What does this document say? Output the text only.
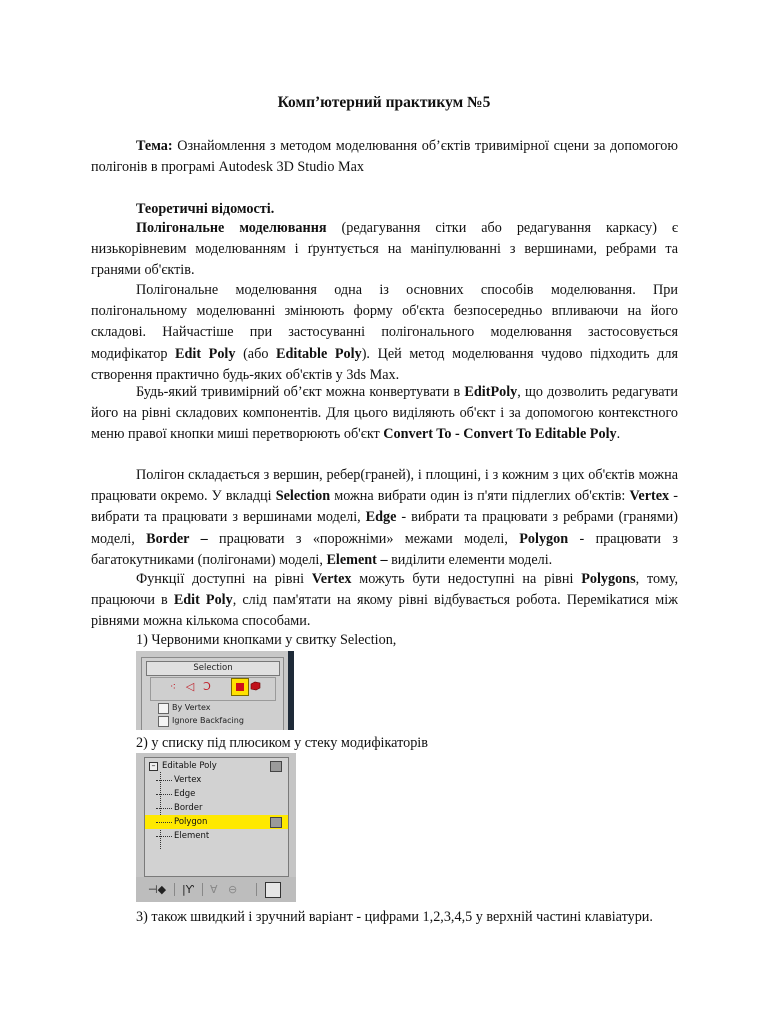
Комп’ютерний практикум №5
Тема: Ознайомлення з методом моделювання об’єктів тривимірної сцени за допомогою полігонів в програмі Autodesk 3D Studio Max
Теоретичні відомості.
Полігональне моделювання (редагування сітки або редагування каркасу) є низькорівневим моделюванням і ґрунтується на маніпулюванні з вершинами, ребрами та гранями об'єктів.
Полігональне моделювання одна із основних способів моделювання. При полігональному моделюванні змінюють форму об'єкта безпосередньо впливаючи на його складові. Найчастіше при застосуванні полігонального моделювання застосовується модифікатор Edit Poly (або Editable Poly). Цей метод моделювання чудово підходить для створення практично будь-яких об'єктів у 3ds Max.
Будь-який тривимірний об’єкт можна конвертувати в EditPoly, що дозволить редагувати його на рівні складових компонентів. Для цього виділяють об'єкт і за допомогою контекстного меню правої кнопки миші перетворюють об'єкт Convert To - Convert To Editable Poly.
Полігон складається з вершин, ребер(граней), і площині, і з кожним з цих об'єктів можна працювати окремо. У вкладці Selection можна вибрати один із п'яти підлеглих об'єктів: Vertex - вибрати та працювати з вершинами моделі, Edge - вибрати та працювати з ребрами (гранями) моделі, Border – працювати з «порожніми» межами моделі, Polygon - працювати з багатокутниками (полігонами) моделі, Element – виділити елементи моделі.
Функції доступні на рівні Vertex можуть бути недоступні на рівні Polygons, тому, працюючи в Edit Poly, слід пам'ятати на якому рівні відбувається робота. Переміkатися між рівнями можна кількома способами.
1) Червоними кнопками у свитку Selection,
Selection
⁖ ◁ Ɔ
By Vertex
Ignore Backfacing
2) у списку під плюсиком у стеку модифікаторів
– Editable Poly
Vertex
Edge
Border
Polygon
Element
⊣◆ |Ƴ ∀ ⊖
3) також швидкий і зручний варіант - цифрами 1,2,3,4,5 у верхній частині клавіатури.
